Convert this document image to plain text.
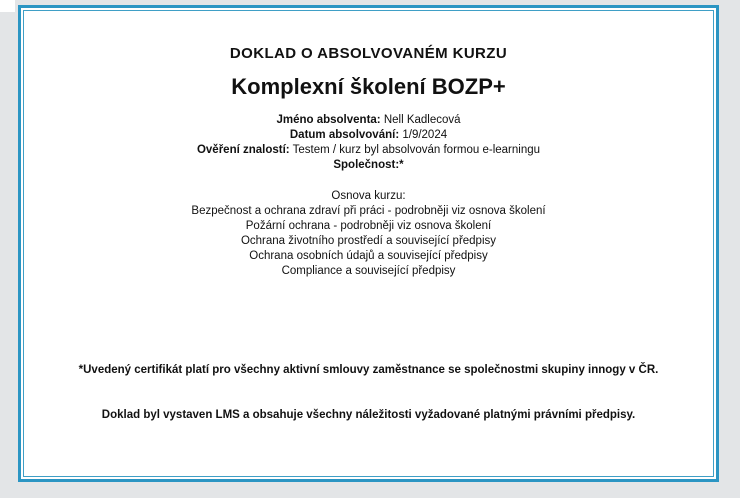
DOKLAD O ABSOLVOVANÉM KURZU
Komplexní školení BOZP+
Jméno absolventa: Nell Kadlecová
Datum absolvování: 1/9/2024
Ověření znalostí: Testem / kurz byl absolvován formou e-learningu
Společnost:*
Osnova kurzu:
Bezpečnost a ochrana zdraví při práci - podrobněji viz osnova školení
Požární ochrana - podrobněji viz osnova školení
Ochrana životního prostředí a související předpisy
Ochrana osobních údajů a související předpisy
Compliance a související předpisy
*Uvedený certifikát platí pro všechny aktivní smlouvy zaměstnance se společnostmi skupiny innogy v ČR.
Doklad byl vystaven LMS a obsahuje všechny náležitosti vyžadované platnými právními předpisy.
